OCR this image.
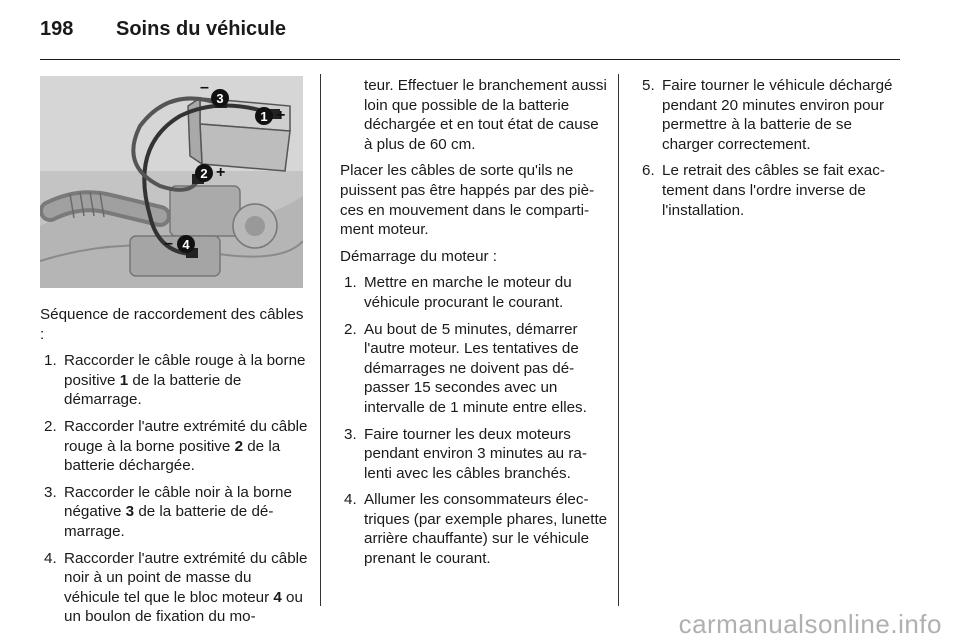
198 Soins du véhicule
–
3
1 +
2 +
– 4

Séquence de raccordement des câbles :

1. Raccorder le câble rouge à la borne positive 1 de la batterie de démarrage.
2. Raccorder l'autre extrémité du câble rouge à la borne positive 2 de la batterie déchargée.
3. Raccorder le câble noir à la borne négative 3 de la batterie de démarrage.
4. Raccorder l'autre extrémité du câble noir à un point de masse du véhicule tel que le bloc moteur 4 ou un boulon de fixation du mo-

teur. Effectuer le branchement aussi loin que possible de la batterie déchargée et en tout état de cause à plus de 60 cm.

Placer les câbles de sorte qu'ils ne puissent pas être happés par des pièces en mouvement dans le compartiment moteur.

Démarrage du moteur :

1. Mettre en marche le moteur du véhicule procurant le courant.
2. Au bout de 5 minutes, démarrer l'autre moteur. Les tentatives de démarrages ne doivent pas dépasser 15 secondes avec un intervalle de 1 minute entre elles.
3. Faire tourner les deux moteurs pendant environ 3 minutes au ralenti avec les câbles branchés.
4. Allumer les consommateurs électriques (par exemple phares, lunette arrière chauffante) sur le véhicule prenant le courant.
5. Faire tourner le véhicule déchargé pendant 20 minutes environ pour permettre à la batterie de se charger correctement.
6. Le retrait des câbles se fait exactement dans l'ordre inverse de l'installation.
carmanualsonline.info
